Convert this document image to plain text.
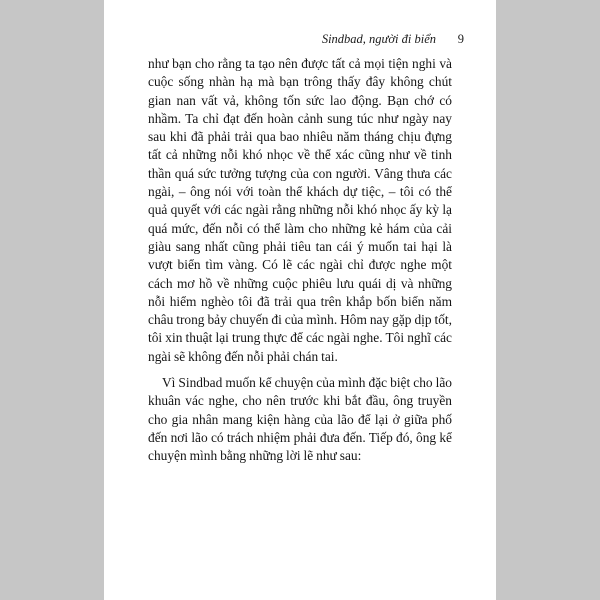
Sindbad, người đi biển 9

như bạn cho rằng ta tạo nên được tất cả mọi tiện nghi và cuộc sống nhàn hạ mà bạn trông thấy đây không chút gian nan vất vả, không tốn sức lao động. Bạn chớ có nhầm. Ta chỉ đạt đến hoàn cảnh sung túc như ngày nay sau khi đã phải trải qua bao nhiêu năm tháng chịu đựng tất cả những nỗi khó nhọc về thể xác cũng như về tinh thần quá sức tưởng tượng của con người. Vâng thưa các ngài, – ông nói với toàn thể khách dự tiệc, – tôi có thể quả quyết với các ngài rằng những nỗi khó nhọc ấy kỳ lạ quá mức, đến nỗi có thể làm cho những kẻ hám của cải giàu sang nhất cũng phải tiêu tan cái ý muốn tai hại là vượt biển tìm vàng. Có lẽ các ngài chỉ được nghe một cách mơ hồ về những cuộc phiêu lưu quái dị và những nỗi hiểm nghèo tôi đã trải qua trên khắp bốn biển năm châu trong bảy chuyến đi của mình. Hôm nay gặp dịp tốt, tôi xin thuật lại trung thực để các ngài nghe. Tôi nghĩ các ngài sẽ không đến nỗi phải chán tai.

Vì Sindbad muốn kể chuyện của mình đặc biệt cho lão khuân vác nghe, cho nên trước khi bắt đầu, ông truyền cho gia nhân mang kiện hàng của lão để lại ở giữa phố đến nơi lão có trách nhiệm phải đưa đến. Tiếp đó, ông kể chuyện mình bằng những lời lẽ như sau:
